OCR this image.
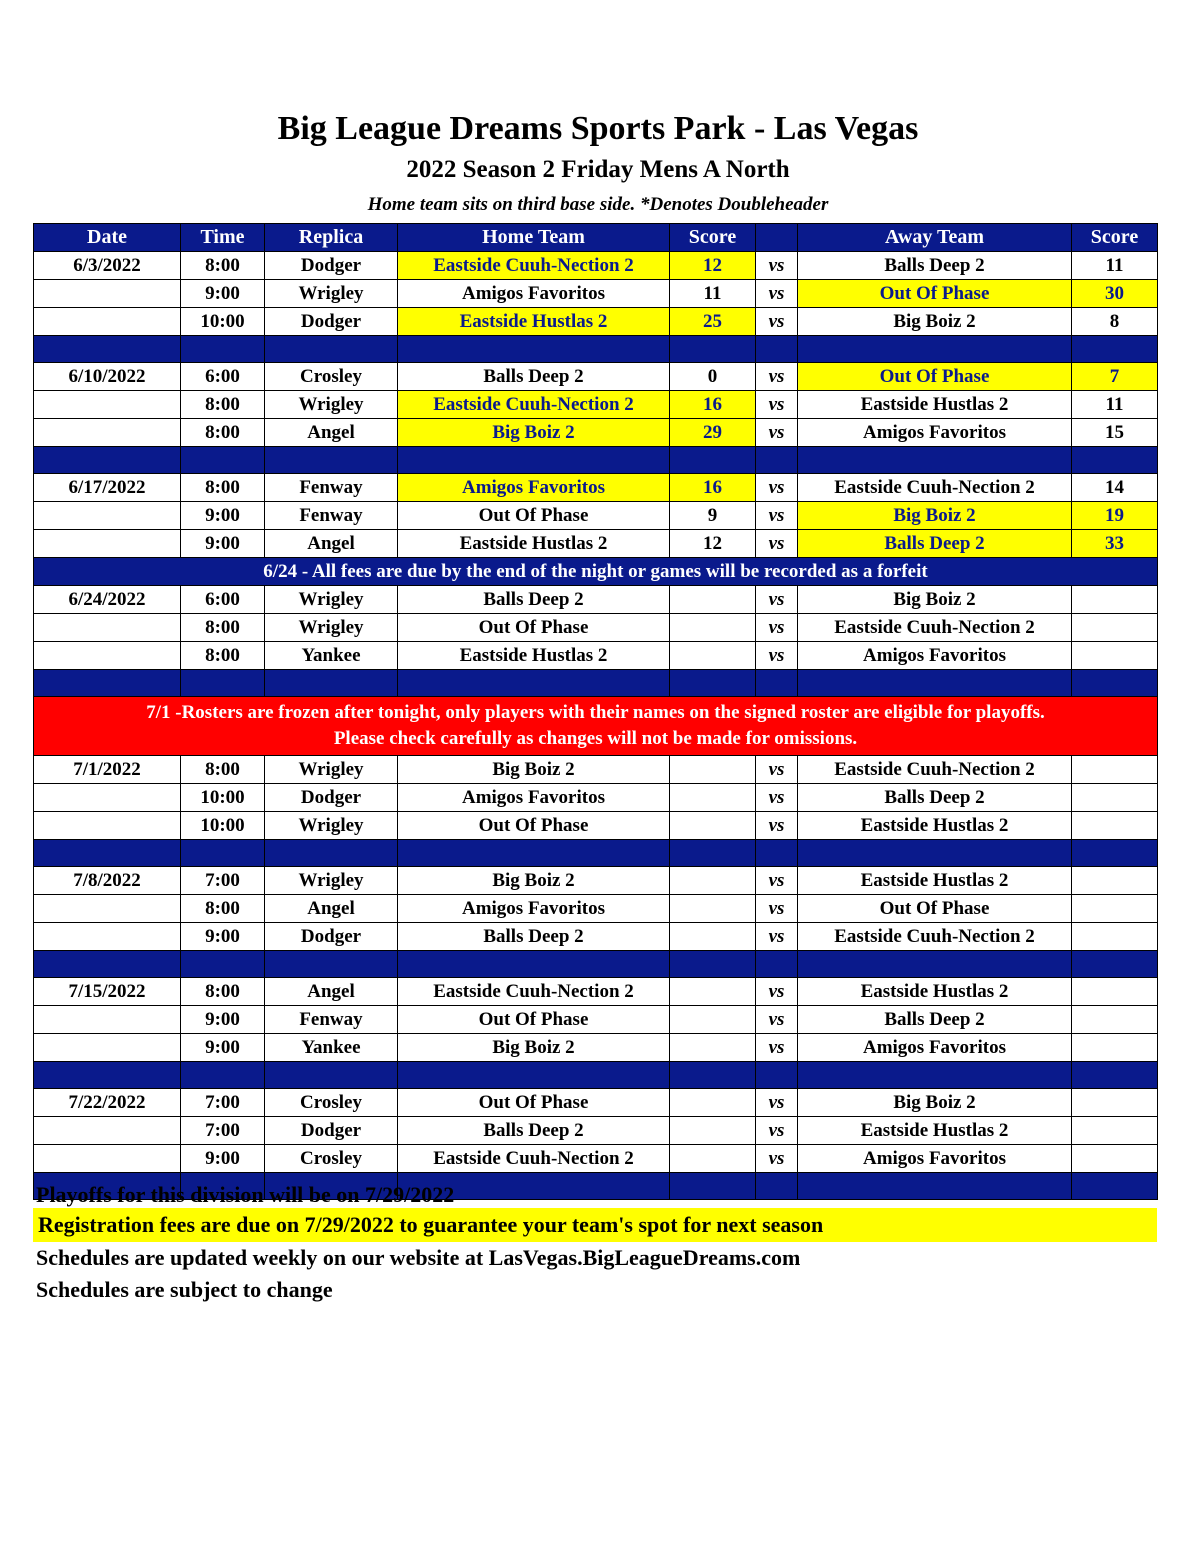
Big League Dreams Sports Park - Las Vegas
2022 Season 2 Friday Mens A North
Home team sits on third base side. *Denotes Doubleheader
Date	Time	Replica	Home Team	Score		Away Team	Score
6/3/2022	8:00	Dodger	Eastside Cuuh-Nection 2	12	vs	Balls Deep 2	11
	9:00	Wrigley	Amigos Favoritos	11	vs	Out Of Phase	30
	10:00	Dodger	Eastside Hustlas 2	25	vs	Big Boiz 2	8

6/10/2022	6:00	Crosley	Balls Deep 2	0	vs	Out Of Phase	7
	8:00	Wrigley	Eastside Cuuh-Nection 2	16	vs	Eastside Hustlas 2	11
	8:00	Angel	Big Boiz 2	29	vs	Amigos Favoritos	15

6/17/2022	8:00	Fenway	Amigos Favoritos	16	vs	Eastside Cuuh-Nection 2	14
	9:00	Fenway	Out Of Phase	9	vs	Big Boiz 2	19
	9:00	Angel	Eastside Hustlas 2	12	vs	Balls Deep 2	33
6/24 - All fees are due by the end of the night or games will be recorded as a forfeit							
6/24/2022	6:00	Wrigley	Balls Deep 2		vs	Big Boiz 2	
	8:00	Wrigley	Out Of Phase		vs	Eastside Cuuh-Nection 2	
	8:00	Yankee	Eastside Hustlas 2		vs	Amigos Favoritos	

7/1 -Rosters are frozen after tonight, only players with their names on the signed roster are eligible for playoffs.
Please check carefully as changes will not be made for omissions.							

7/1/2022	8:00	Wrigley	Big Boiz 2		vs	Eastside Cuuh-Nection 2	
	10:00	Dodger	Amigos Favoritos		vs	Balls Deep 2	
	10:00	Wrigley	Out Of Phase		vs	Eastside Hustlas 2	

7/8/2022	7:00	Wrigley	Big Boiz 2		vs	Eastside Hustlas 2	
	8:00	Angel	Amigos Favoritos		vs	Out Of Phase	
	9:00	Dodger	Balls Deep 2		vs	Eastside Cuuh-Nection 2	

7/15/2022	8:00	Angel	Eastside Cuuh-Nection 2		vs	Eastside Hustlas 2	
	9:00	Fenway	Out Of Phase		vs	Balls Deep 2	
	9:00	Yankee	Big Boiz 2		vs	Amigos Favoritos	

7/22/2022	7:00	Crosley	Out Of Phase		vs	Big Boiz 2	
	7:00	Dodger	Balls Deep 2		vs	Eastside Hustlas 2	
	9:00	Crosley	Eastside Cuuh-Nection 2		vs	Amigos Favoritos	

Playoffs for this division will be on 7/29/2022
Registration fees are due on 7/29/2022 to guarantee your team's spot for next season
Schedules are updated weekly on our website at LasVegas.BigLeagueDreams.com
Schedules are subject to change
